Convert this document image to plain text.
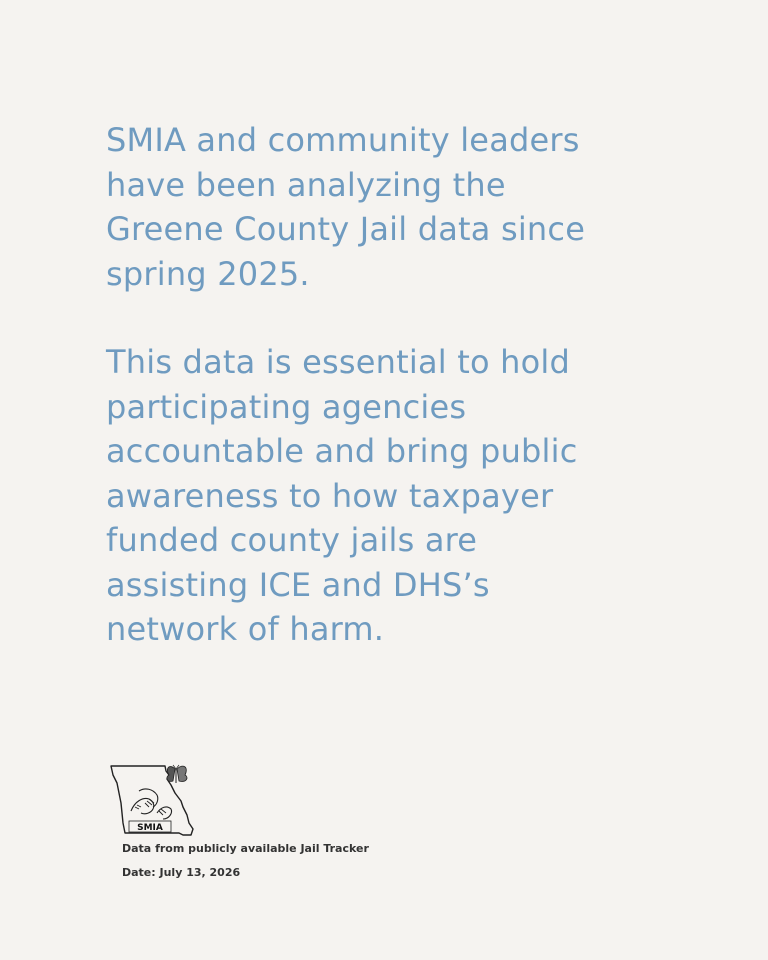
SMIA and community leaders
have been analyzing the
Greene County Jail data since
spring 2025.

This data is essential to hold
participating agencies
accountable and bring public
awareness to how taxpayer
funded county jails are
assisting ICE and DHS’s
network of harm.

SMIA
Data from publicly available Jail Tracker
Date: July 13, 2026
